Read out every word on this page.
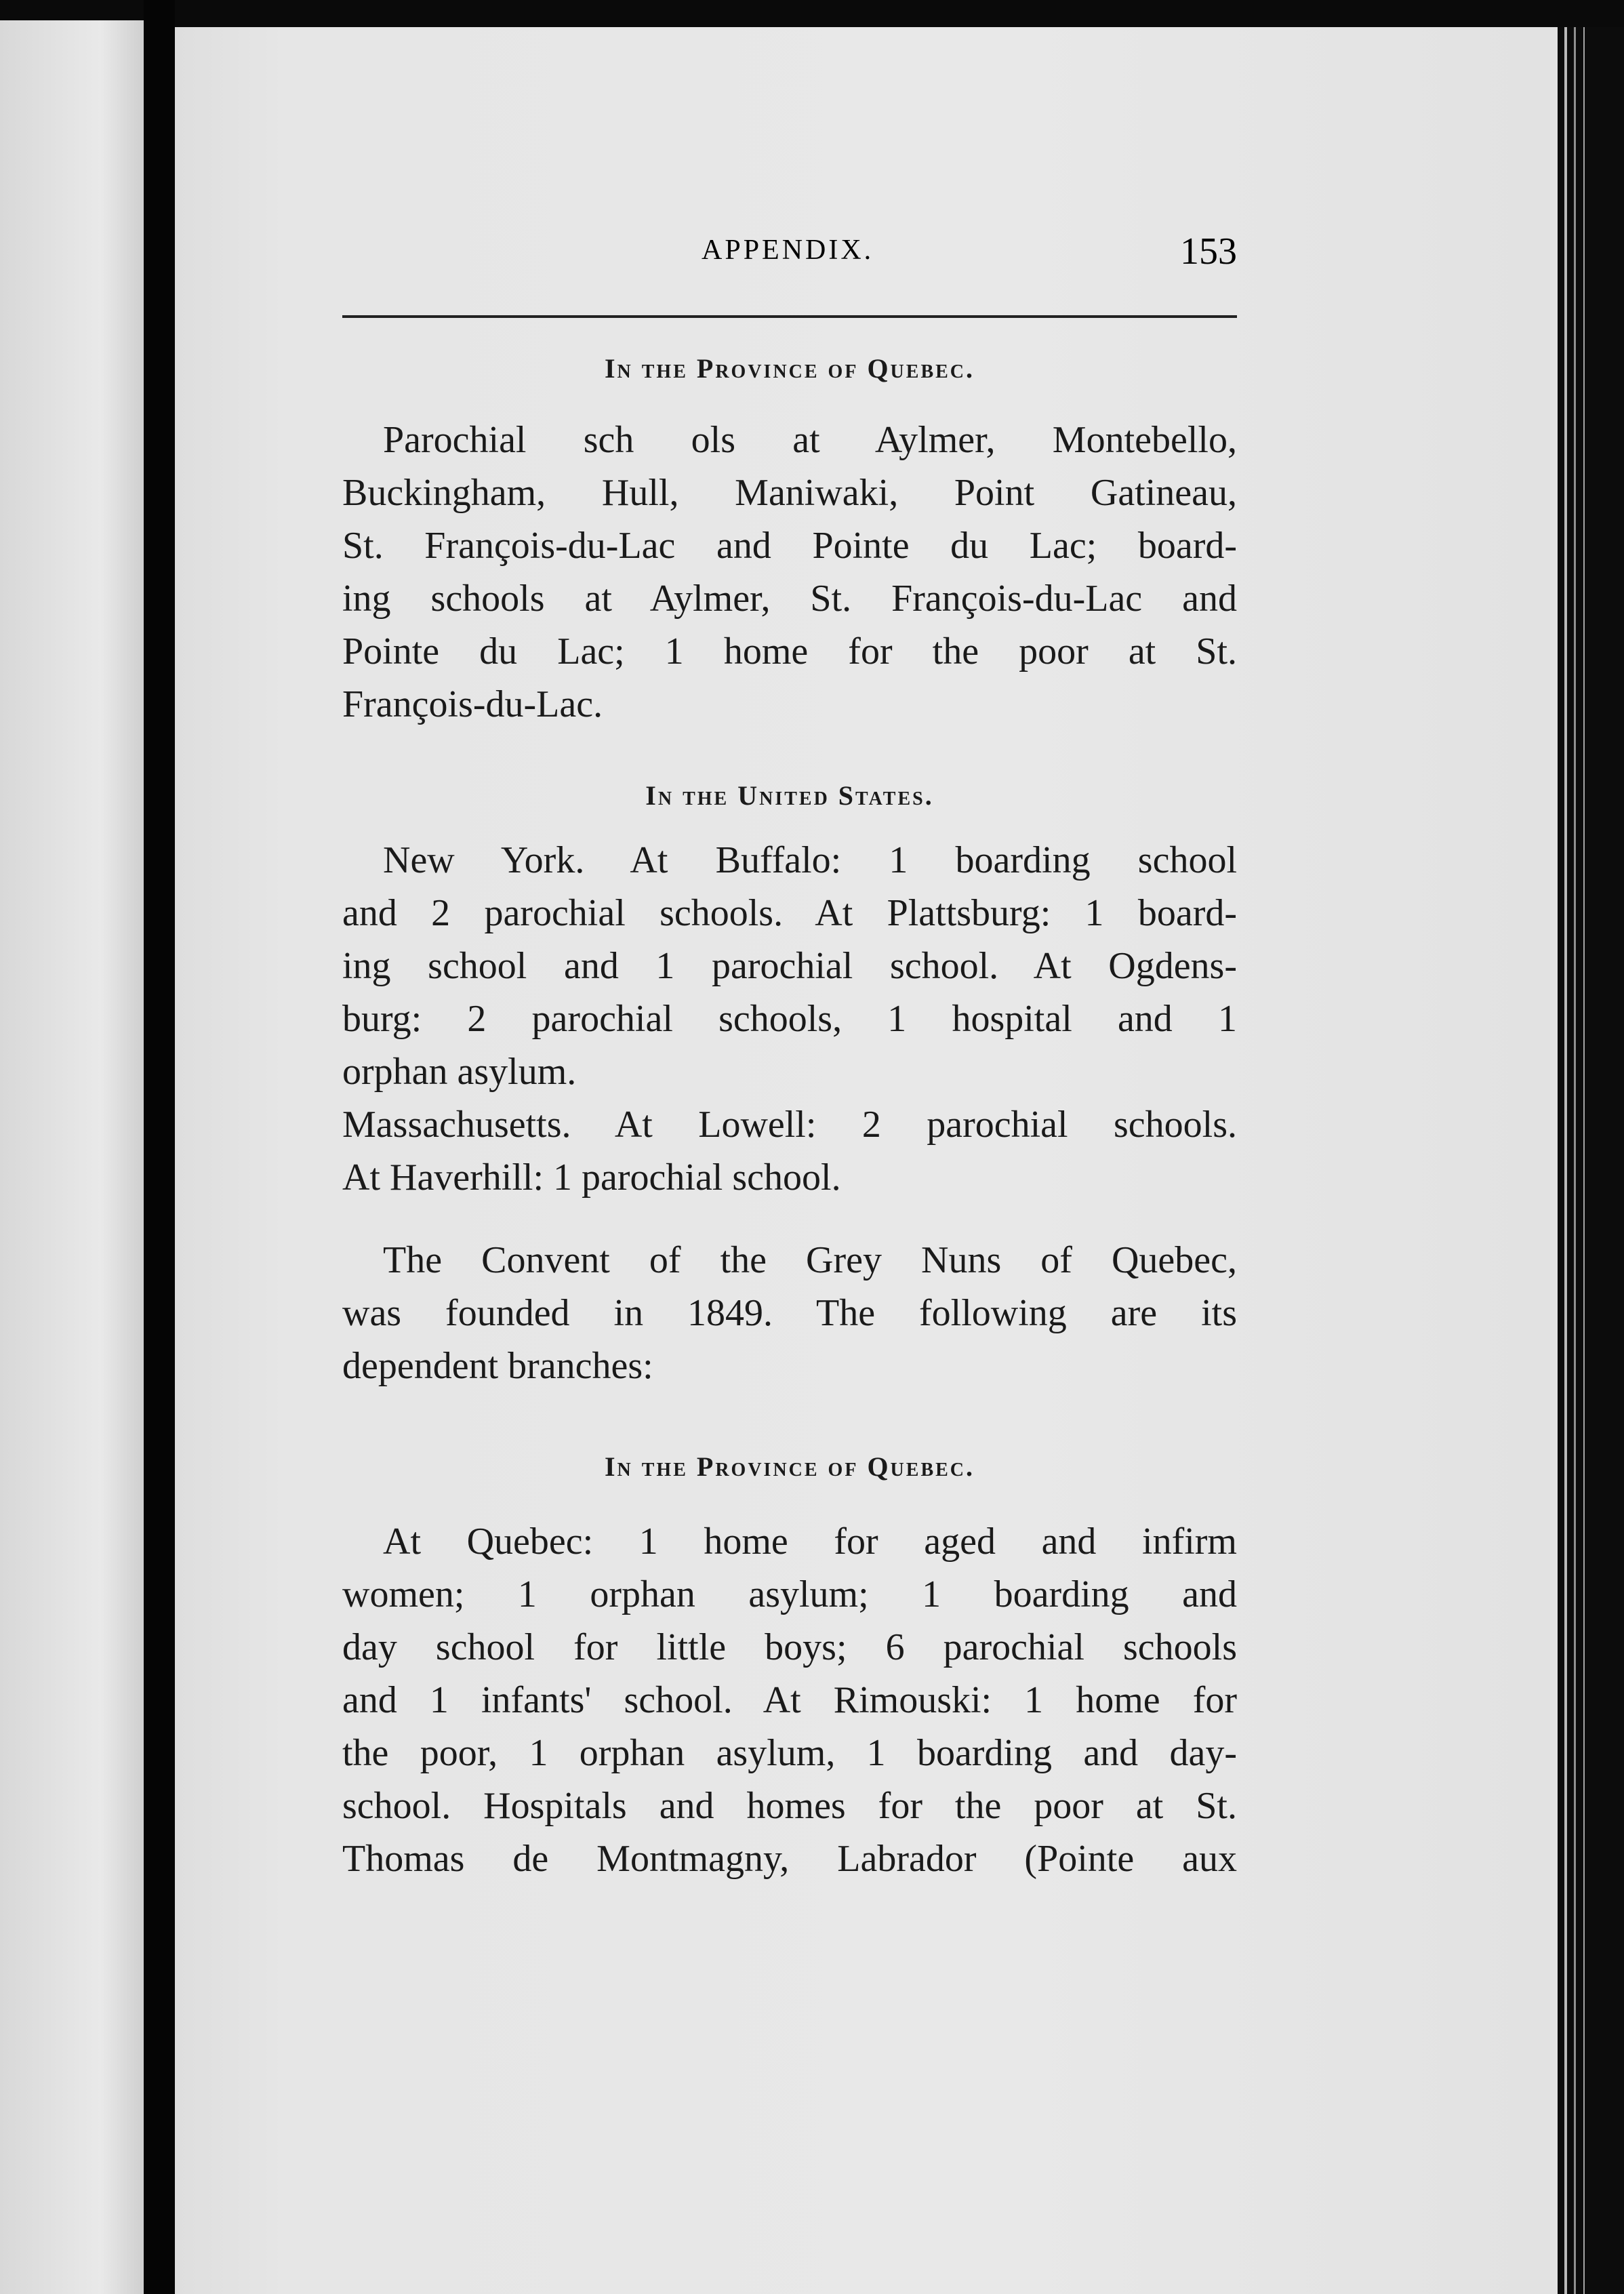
APPENDIX.	153
In the Province of Quebec.

Parochial sch ols at Aylmer, Montebello,
Buckingham, Hull, Maniwaki, Point Gatineau,
St. François-du-Lac and Pointe du Lac; board-
ing schools at Aylmer, St. François-du-Lac and
Pointe du Lac; 1 home for the poor at St.
François-du-Lac.

In the United States.

New York. At Buffalo: 1 boarding school
and 2 parochial schools. At Plattsburg: 1 board-
ing school and 1 parochial school. At Ogdens-
burg: 2 parochial schools, 1 hospital and 1
orphan asylum.

Massachusetts. At Lowell: 2 parochial schools.
At Haverhill: 1 parochial school.

The Convent of the Grey Nuns of Quebec,
was founded in 1849. The following are its
dependent branches:

In the Province of Quebec.

At Quebec: 1 home for aged and infirm
women; 1 orphan asylum; 1 boarding and
day school for little boys; 6 parochial schools
and 1 infants' school. At Rimouski: 1 home for
the poor, 1 orphan asylum, 1 boarding and day-
school. Hospitals and homes for the poor at St.
Thomas de Montmagny, Labrador (Pointe aux
